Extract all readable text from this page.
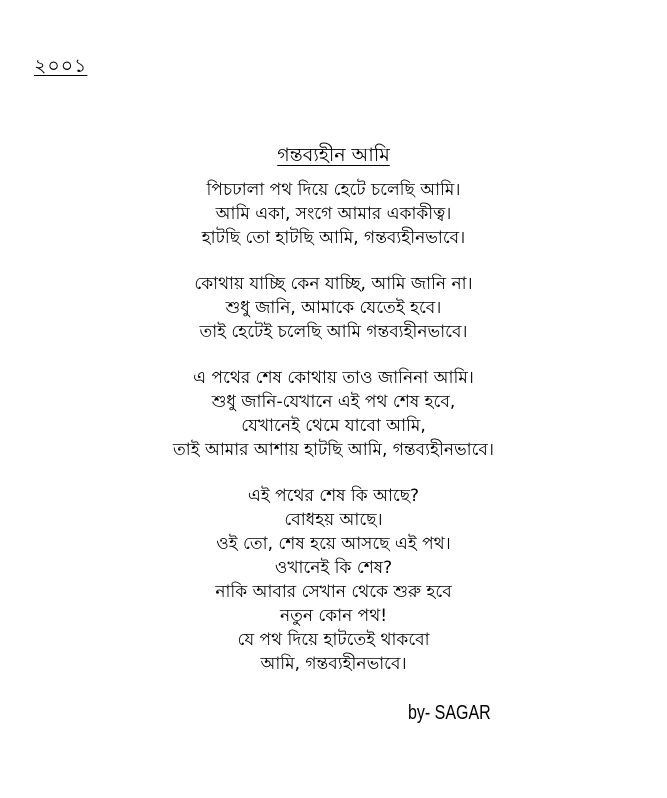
২০০১
গন্তব্যহীন আমি
পিচঢালা পথ দিয়ে হেটে চলেছি আমি।
আমি একা, সংগে আমার একাকীত্ব।
হাটছি তো হাটছি আমি, গন্তব্যহীনভাবে।
কোথায় যাচ্ছি কেন যাচ্ছি, আমি জানি না।
শুধু জানি, আমাকে যেতেই হবে।
তাই হেটেই চলেছি আমি গন্তব্যহীনভাবে।
এ পথের শেষ কোথায় তাও জানিনা আমি।
শুধু জানি-যেখানে এই পথ শেষ হবে,
যেখানেই থেমে যাবো আমি,
তাই আমার আশায় হাটছি আমি, গন্তব্যহীনভাবে।
এই পথের শেষ কি আছে?
বোধহয় আছে।
ওই তো, শেষ হয়ে আসছে এই পথ।
ওখানেই কি শেষ?
নাকি আবার সেখান থেকে শুরু হবে
নতুন কোন পথ!
যে পথ দিয়ে হাটতেই থাকবো
আমি, গন্তব্যহীনভাবে।
by- SAGAR
